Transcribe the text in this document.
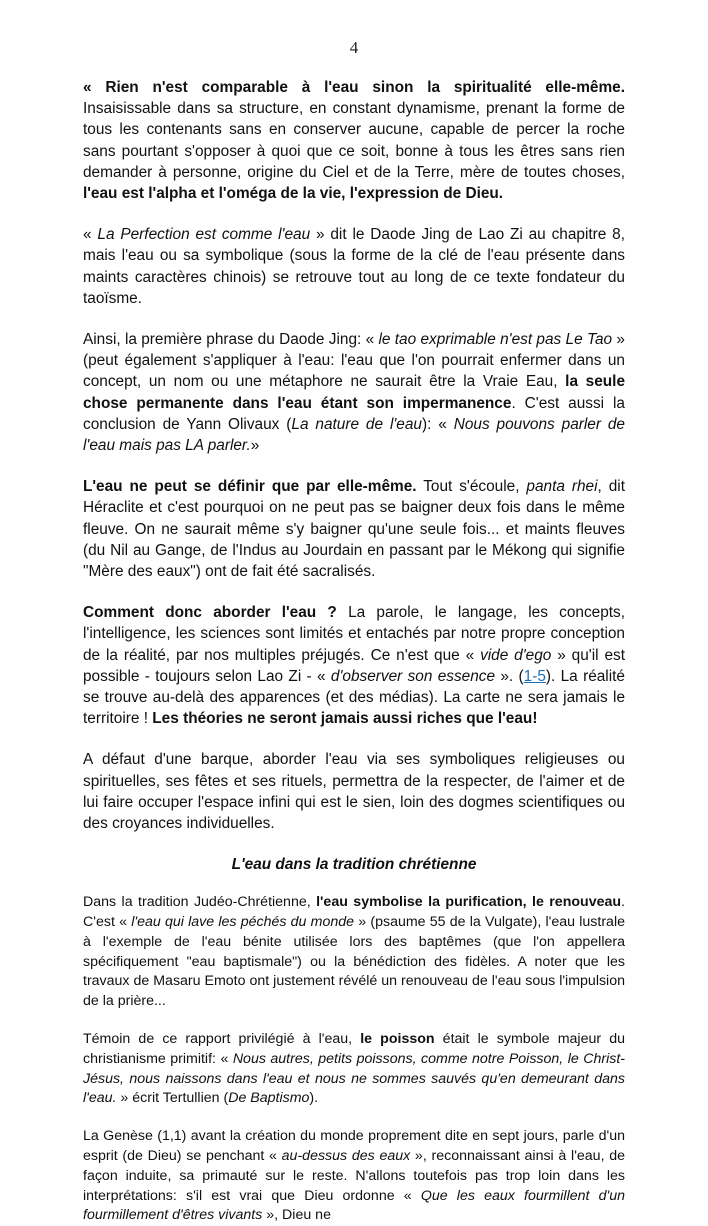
4

« Rien n'est comparable à l'eau sinon la spiritualité elle-même. Insaisissable dans sa structure, en constant dynamisme, prenant la forme de tous les contenants sans en conserver aucune, capable de percer la roche sans pourtant s'opposer à quoi que ce soit, bonne à tous les êtres sans rien demander à personne, origine du Ciel et de la Terre, mère de toutes choses, l'eau est l'alpha et l'oméga de la vie, l'expression de Dieu.

« La Perfection est comme l'eau » dit le Daode Jing de Lao Zi au chapitre 8, mais l'eau ou sa symbolique (sous la forme de la clé de l'eau présente dans maints caractères chinois) se retrouve tout au long de ce texte fondateur du taoïsme.

Ainsi, la première phrase du Daode Jing: « le tao exprimable n'est pas Le Tao » (peut également s'appliquer à l'eau: l'eau que l'on pourrait enfermer dans un concept, un nom ou une métaphore ne saurait être la Vraie Eau, la seule chose permanente dans l'eau étant son impermanence. C'est aussi la conclusion de Yann Olivaux (La nature de l'eau): « Nous pouvons parler de l'eau mais pas LA parler.»

L'eau ne peut se définir que par elle-même. Tout s'écoule, panta rhei, dit Héraclite et c'est pourquoi on ne peut pas se baigner deux fois dans le même fleuve. On ne saurait même s'y baigner qu'une seule fois... et maints fleuves (du Nil au Gange, de l'Indus au Jourdain en passant par le Mékong qui signifie "Mère des eaux") ont de fait été sacralisés.

Comment donc aborder l'eau ? La parole, le langage, les concepts, l'intelligence, les sciences sont limités et entachés par notre propre conception de la réalité, par nos multiples préjugés. Ce n'est que « vide d'ego » qu'il est possible - toujours selon Lao Zi - « d'observer son essence ». (1-5). La réalité se trouve au-delà des apparences (et des médias). La carte ne sera jamais le territoire ! Les théories ne seront jamais aussi riches que l'eau!

A défaut d'une barque, aborder l'eau via ses symboliques religieuses ou spirituelles, ses fêtes et ses rituels, permettra de la respecter, de l'aimer et de lui faire occuper l'espace infini qui est le sien, loin des dogmes scientifiques ou des croyances individuelles.

L'eau dans la tradition chrétienne

Dans la tradition Judéo-Chrétienne, l'eau symbolise la purification, le renouveau. C'est « l'eau qui lave les péchés du monde » (psaume 55 de la Vulgate), l'eau lustrale à l'exemple de l'eau bénite utilisée lors des baptêmes (que l'on appellera spécifiquement "eau baptismale") ou la bénédiction des fidèles. A noter que les travaux de Masaru Emoto ont justement révélé un renouveau de l'eau sous l'impulsion de la prière...

Témoin de ce rapport privilégié à l'eau, le poisson était le symbole majeur du christianisme primitif: « Nous autres, petits poissons, comme notre Poisson, le Christ-Jésus, nous naissons dans l'eau et nous ne sommes sauvés qu'en demeurant dans l'eau. » écrit Tertullien (De Baptismo).

La Genèse (1,1) avant la création du monde proprement dite en sept jours, parle d'un esprit (de Dieu) se penchant « au-dessus des eaux », reconnaissant ainsi à l'eau, de façon induite, sa primauté sur le reste. N'allons toutefois pas trop loin dans les interprétations: s'il est vrai que Dieu ordonne « Que les eaux fourmillent d'un fourmillement d'êtres vivants », Dieu ne
